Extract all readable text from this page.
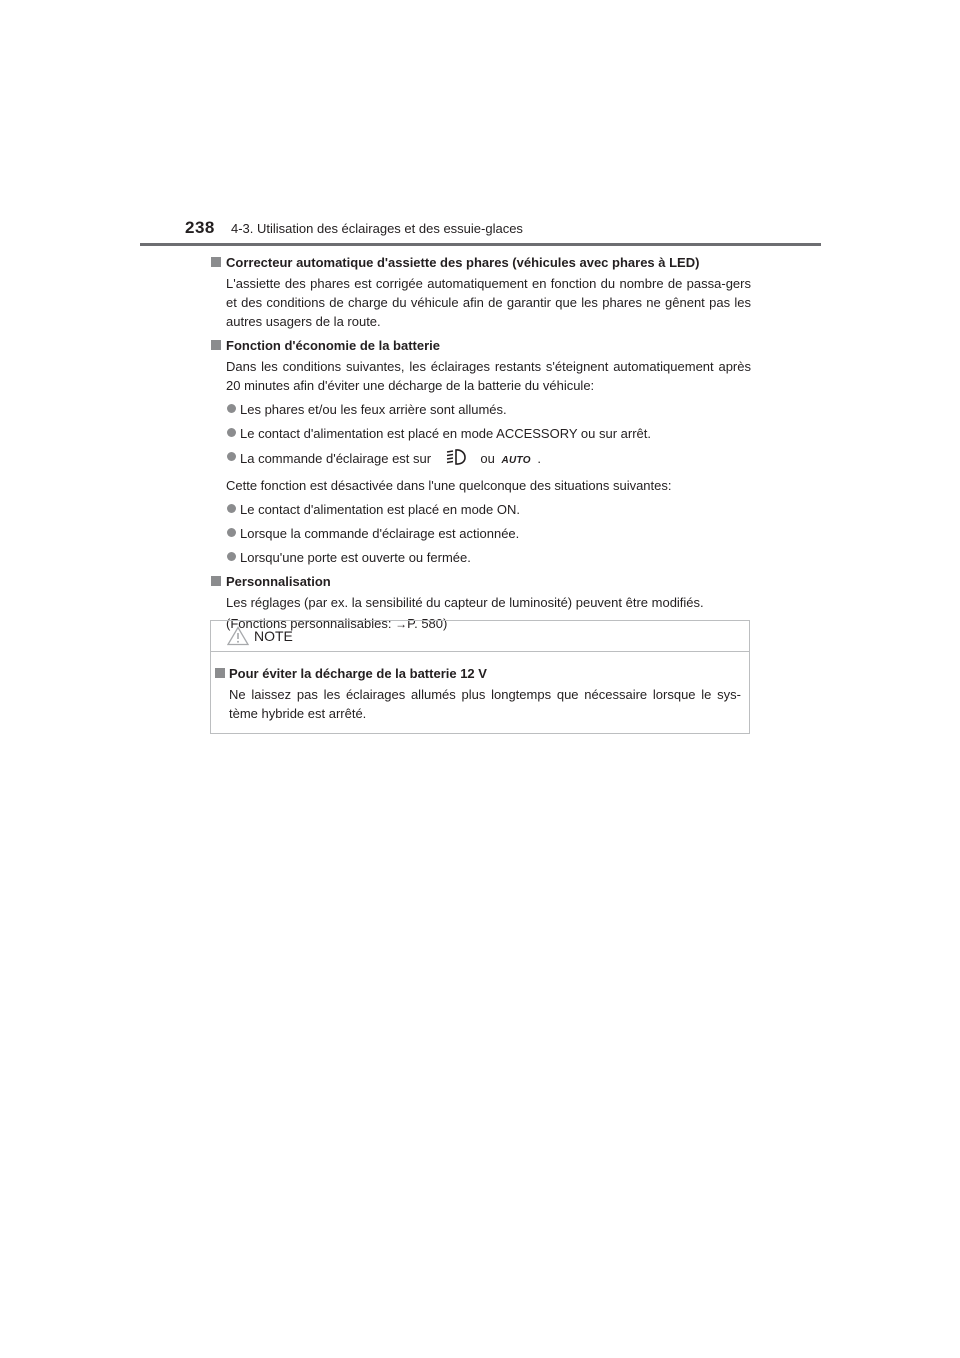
238 4-3. Utilisation des éclairages et des essuie-glaces
Correcteur automatique d'assiette des phares (véhicules avec phares à LED)
L'assiette des phares est corrigée automatiquement en fonction du nombre de passa-gers et des conditions de charge du véhicule afin de garantir que les phares ne gênent pas les autres usagers de la route.
Fonction d'économie de la batterie
Dans les conditions suivantes, les éclairages restants s'éteignent automatiquement après 20 minutes afin d'éviter une décharge de la batterie du véhicule:
Les phares et/ou les feux arrière sont allumés.
Le contact d'alimentation est placé en mode ACCESSORY ou sur arrêt.
La commande d'éclairage est sur	ou AUTO .
Cette fonction est désactivée dans l'une quelconque des situations suivantes:
Le contact d'alimentation est placé en mode ON.
Lorsque la commande d'éclairage est actionnée.
Lorsqu'une porte est ouverte ou fermée.
Personnalisation
Les réglages (par ex. la sensibilité du capteur de luminosité) peuvent être modifiés.
(Fonctions personnalisables: →P. 580)
NOTE
Pour éviter la décharge de la batterie 12 V
Ne laissez pas les éclairages allumés plus longtemps que nécessaire lorsque le sys-tème hybride est arrêté.
